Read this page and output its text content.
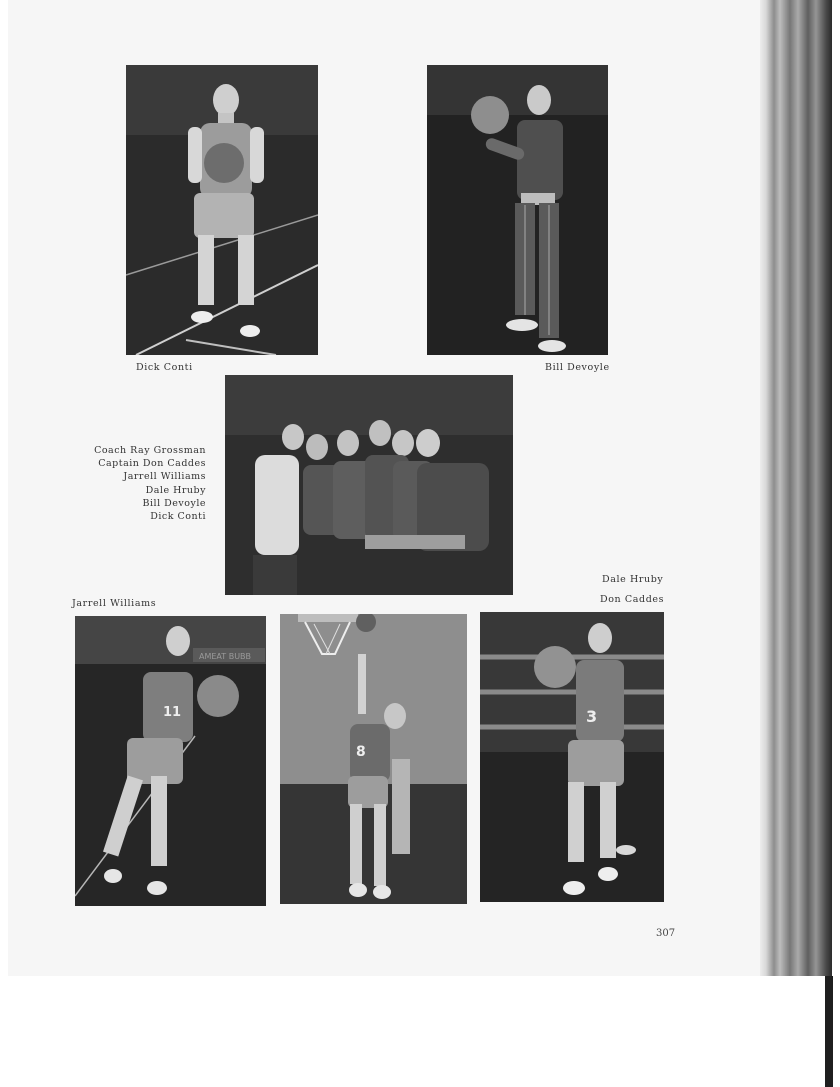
Dick Conti	Bill Devoyle
Coach Ray Grossman
Captain Don Caddes
Jarrell Williams
Dale Hruby
Bill Devoyle
Dick Conti
Dale Hruby
Don Caddes
Jarrell Williams
AMEAT BUBB
11
8
3
307
